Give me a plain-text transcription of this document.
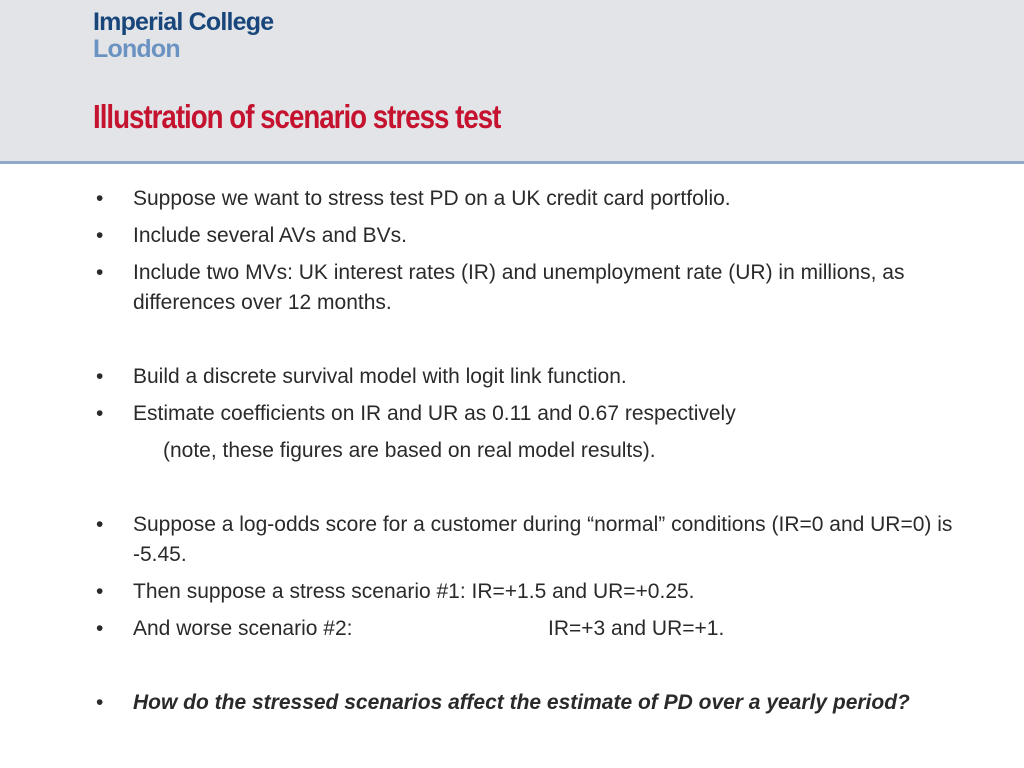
Imperial College
London
Illustration of scenario stress test
• Suppose we want to stress test PD on a UK credit card portfolio.

• Include several AVs and BVs.

• Include two MVs: UK interest rates (IR) and unemployment rate (UR) in millions, as differences over 12 months.

• Build a discrete survival model with logit link function.

• Estimate coefficients on IR and UR as 0.11 and 0.67 respectively

(note, these figures are based on real model results).
• Suppose a log-odds score for a customer during “normal” conditions (IR=0 and UR=0) is -5.45.

• Then suppose a stress scenario #1: IR=+1.5 and UR=+0.25.

• And worse scenario #2:	IR=+3 and UR=+1.

• How do the stressed scenarios affect the estimate of PD over a yearly period?
